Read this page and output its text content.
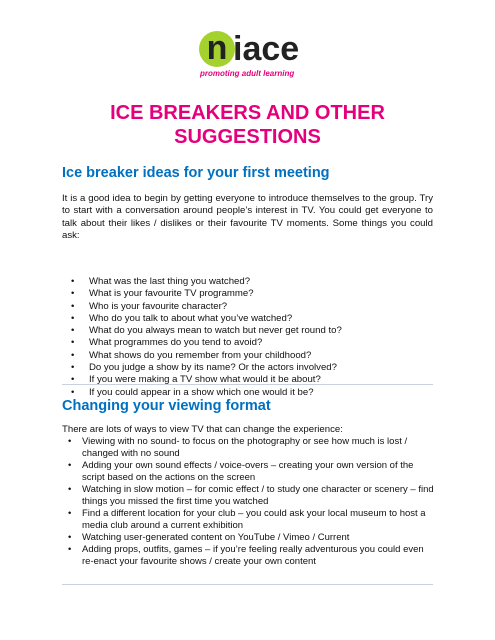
n iace
promoting adult learning
ICE BREAKERS AND OTHER
SUGGESTIONS
Ice breaker ideas for your first meeting

It is a good idea to begin by getting everyone to introduce themselves to the group. Try to start with a conversation around people’s interest in TV. You could get everyone to talk about their likes / dislikes or their favourite TV moments. Some things you could ask:

• What was the last thing you watched?
• What is your favourite TV programme?
• Who is your favourite character?
• Who do you talk to about what you’ve watched?
• What do you always mean to watch but never get round to?
• What programmes do you tend to avoid?
• What shows do you remember from your childhood?
• Do you judge a show by its name? Or the actors involved?
• If you were making a TV show what would it be about?
• If you could appear in a show which one would it be?
Changing your viewing format

There are lots of ways to view TV that can change the experience:

• Viewing with no sound- to focus on the photography or see how much is lost / changed with no sound
• Adding your own sound effects / voice-overs – creating your own version of the script based on the actions on the screen
• Watching in slow motion – for comic effect / to study one character or scenery – find things you missed the first time you watched
• Find a different location for your club – you could ask your local museum to host a media club around a current exhibition
• Watching user-generated content on YouTube / Vimeo / Current
• Adding props, outfits, games – if you’re feeling really adventurous you could even re-enact your favourite shows / create your own content
